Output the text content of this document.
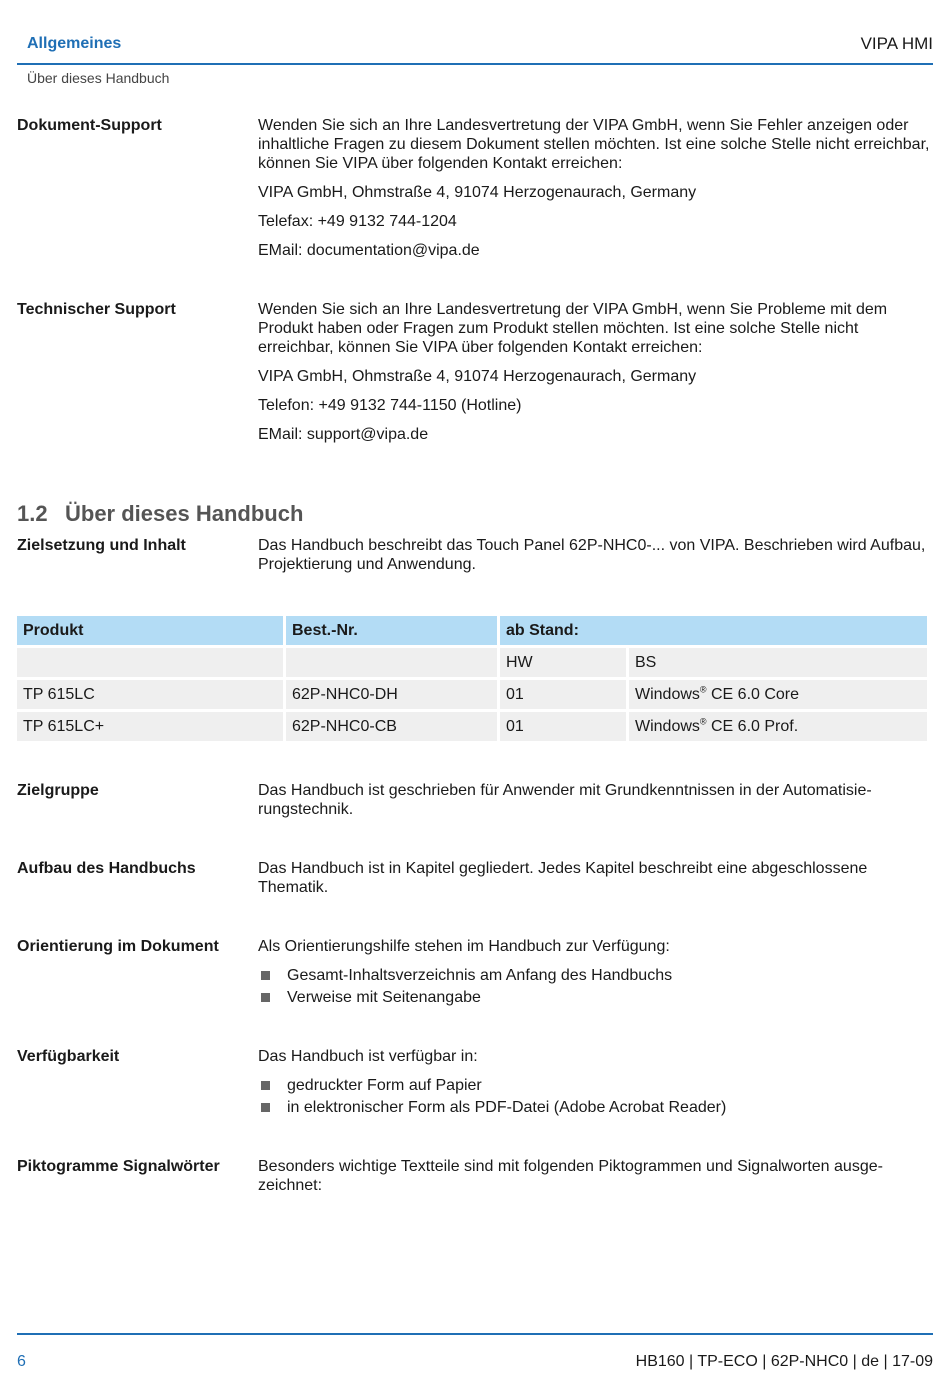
Allgemeines	VIPA HMI
Über dieses Handbuch
Dokument-Support	Wenden Sie sich an Ihre Landesvertretung der VIPA GmbH, wenn Sie Fehler anzeigen oder inhaltliche Fragen zu diesem Dokument stellen möchten. Ist eine solche Stelle nicht erreichbar, können Sie VIPA über folgenden Kontakt erreichen:

VIPA GmbH, Ohmstraße 4, 91074 Herzogenaurach, Germany

Telefax: +49 9132 744-1204

EMail: documentation@vipa.de

Technischer Support	Wenden Sie sich an Ihre Landesvertretung der VIPA GmbH, wenn Sie Probleme mit dem Produkt haben oder Fragen zum Produkt stellen möchten. Ist eine solche Stelle nicht erreichbar, können Sie VIPA über folgenden Kontakt erreichen:

VIPA GmbH, Ohmstraße 4, 91074 Herzogenaurach, Germany

Telefon: +49 9132 744-1150 (Hotline)

EMail: support@vipa.de

1.2 Über dieses Handbuch
Zielsetzung und Inhalt	Das Handbuch beschreibt das Touch Panel 62P-NHC0-... von VIPA. Beschrieben wird Aufbau, Projektierung und Anwendung.

Produkt	Best.-Nr.	ab Stand:	
		HW	BS
TP 615LC	62P-NHC0-DH	01	Windows® CE 6.0 Core
TP 615LC+	62P-NHC0-CB	01	Windows® CE 6.0 Prof.
Zielgruppe	Das Handbuch ist geschrieben für Anwender mit Grundkenntnissen in der Automatisie-rungstechnik.

Aufbau des Handbuchs	Das Handbuch ist in Kapitel gegliedert. Jedes Kapitel beschreibt eine abgeschlossene Thematik.

Orientierung im Dokument	Als Orientierungshilfe stehen im Handbuch zur Verfügung:

Gesamt-Inhaltsverzeichnis am Anfang des Handbuchs
Verweise mit Seitenangabe
Verfügbarkeit	Das Handbuch ist verfügbar in:

gedruckter Form auf Papier
in elektronischer Form als PDF-Datei (Adobe Acrobat Reader)
Piktogramme Signalwörter	Besonders wichtige Textteile sind mit folgenden Piktogrammen und Signalworten ausge-zeichnet:

6	HB160 | TP-ECO | 62P-NHC0 | de | 17-09
